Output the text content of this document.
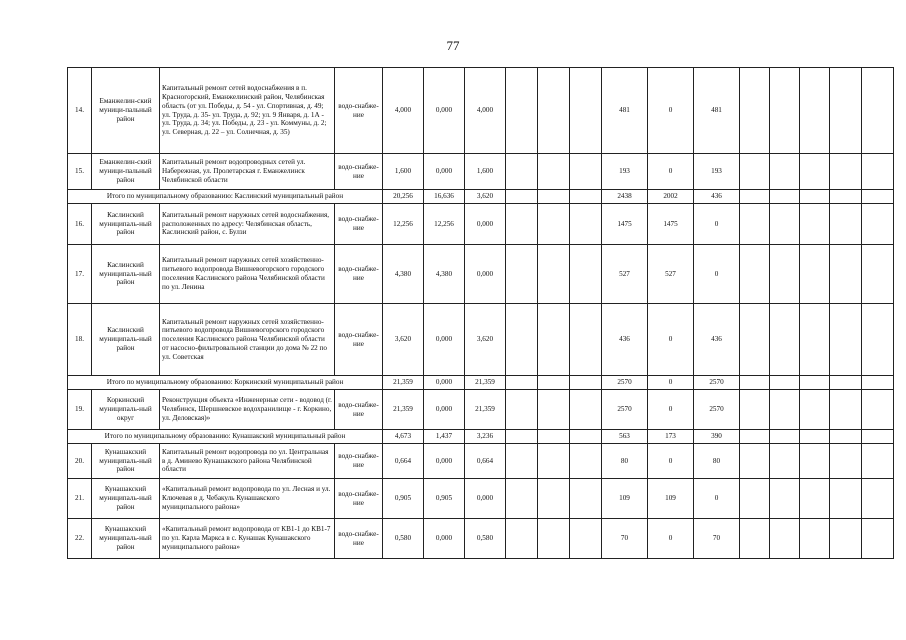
77
14.	Еманжелин-ский муници-пальный район	Капитальный ремонт сетей водоснабжения в п. Красногорский, Еманжелинский район, Челябинская область (от ул. Победы, д. 54 - ул. Спортивная, д. 49; ул. Труда, д. 35- ул. Труда, д. 92; ул. 9 Января, д. 1А - ул. Труда, д. 34; ул. Победы, д. 23 - ул. Коммуны, д. 2; ул. Северная, д. 22 – ул. Солнечная, д. 35)	водо-снабже-ние	4,000	0,000	4,000				481	0	481					
15.	Еманжелин-ский муници-пальный район	Капитальный ремонт водопроводных сетей ул. Набережная, ул. Пролетарская г. Еманжелинск Челябинской области	водо-снабже-ние	1,600	0,000	1,600				193	0	193					
Итого по муниципальному образованию: Каслинский муниципальный район				20,256	16,636	3,620				2438	2002	436					
16.	Каслинский муниципаль-ный район	Капитальный ремонт наружных сетей водоснабжения, расположенных по адресу: Челябинская область, Каслинский район, с. Булзи	водо-снабже-ние	12,256	12,256	0,000				1475	1475	0					
17.	Каслинский муниципаль-ный район	Капитальный ремонт наружных сетей хозяйственно-питьевого водопровода Вишневогорского городского поселения Каслинского района Челябинской области по ул. Ленина	водо-снабже-ние	4,380	4,380	0,000				527	527	0					
18.	Каслинский муниципаль-ный район	Капитальный ремонт наружных сетей хозяйственно-питьевого водопровода Вишневогорского городского поселения Каслинского района Челябинской области от насосно-фильтровальной станции до дома № 22 по ул. Советская	водо-снабже-ние	3,620	0,000	3,620				436	0	436					
Итого по муниципальному образованию: Коркинский муниципальный район				21,359	0,000	21,359				2570	0	2570					
19.	Коркинский муниципаль-ный округ	Реконструкция объекта «Инженерные сети - водовод (г. Челябинск, Шершневское водохранилище - г. Коркино, ул. Деловская)»	водо-снабже-ние	21,359	0,000	21,359				2570	0	2570					
Итого по муниципальному образованию: Кунашакский муниципальный район				4,673	1,437	3,236				563	173	390					
20.	Кунашакский муниципаль-ный район	Капитальный ремонт водопровода по ул. Центральная в д. Аминево Кунашакского района Челябинской области	водо-снабже-ние	0,664	0,000	0,664				80	0	80					
21.	Кунашакский муниципаль-ный район	«Капитальный ремонт водопровода по ул. Лесная и ул. Ключевая в д. Чебакуль Кунашакского муниципального района»	водо-снабже-ние	0,905	0,905	0,000				109	109	0					
22.	Кунашакский муниципаль-ный район	«Капитальный ремонт водопровода от КВ1-1 до КВ1-7 по ул. Карла Маркса в с. Кунашак Кунашакского муниципального района»	водо-снабже-ние	0,580	0,000	0,580				70	0	70					
